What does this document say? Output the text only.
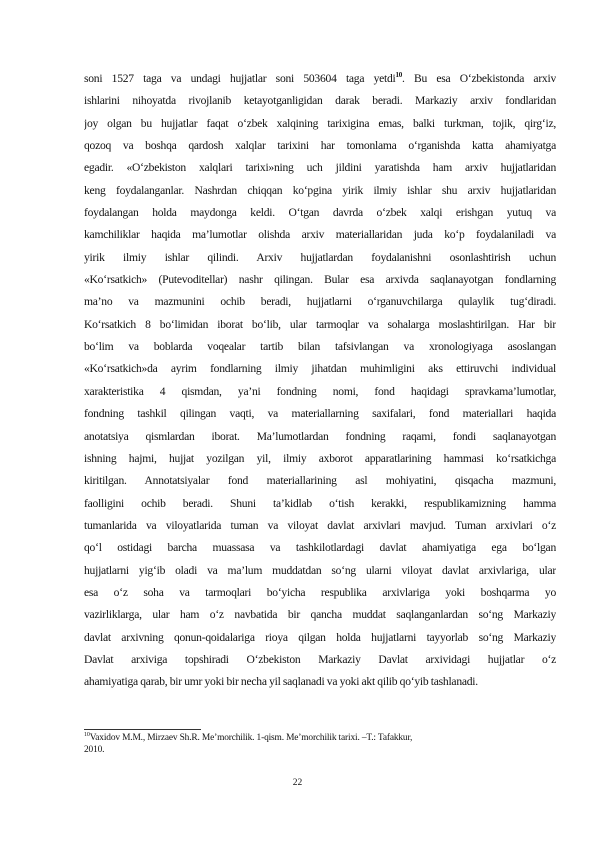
soni 1527 taga va undagi hujjatlar soni 503604 taga yetdi$^{10}$. Bu esa O‘zbekistonda arxiv
ishlarini nihoyatda rivojlanib ketayotganligidan darak beradi. Markaziy arxiv fondlaridan
joy olgan bu hujjatlar faqat o‘zbek xalqining tarixigina emas, balki turkman, tojik, qirg‘iz,
qozoq va boshqa qardosh xalqlar tarixini har tomonlama o‘rganishda katta ahamiyatga
egadir. «O‘zbekiston xalqlari tarixi»ning uch jildini yaratishda ham arxiv hujjatlaridan
keng foydalanganlar. Nashrdan chiqqan ko‘pgina yirik ilmiy ishlar shu arxiv hujjatlaridan
foydalangan holda maydonga keldi. O‘tgan davrda o‘zbek xalqi erishgan yutuq va
kamchiliklar haqida ma’lumotlar olishda arxiv materiallaridan juda ko‘p foydalaniladi va
yirik ilmiy ishlar qilindi. Arxiv hujjatlardan foydalanishni osonlashtirish uchun
«Ko‘rsatkich» (Putevoditellar) nashr qilingan. Bular esa arxivda saqlanayotgan fondlarning
ma’no va mazmunini ochib beradi, hujjatlarni o‘rganuvchilarga qulaylik tug‘diradi.
Ko‘rsatkich 8 bo‘limidan iborat bo‘lib, ular tarmoqlar va sohalarga moslashtirilgan. Har bir
bo‘lim va boblarda voqealar tartib bilan tafsivlangan va xronologiyaga asoslangan
«Ko‘rsatkich»da ayrim fondlarning ilmiy jihatdan muhimligini aks ettiruvchi individual
xarakteristika 4 qismdan, ya’ni fondning nomi, fond haqidagi spravkama’lumotlar,
fondning tashkil qilingan vaqti, va materiallarning saxifalari, fond materiallari haqida
anotatsiya qismlardan iborat. Ma’lumotlardan fondning raqami, fondi saqlanayotgan
ishning hajmi, hujjat yozilgan yil, ilmiy axborot apparatlarining hammasi ko‘rsatkichga
kiritilgan. Annotatsiyalar fond materiallarining asl mohiyatini, qisqacha mazmuni,
faolligini ochib beradi. Shuni ta’kidlab o‘tish kerakki, respublikamizning hamma
tumanlarida va viloyatlarida tuman va viloyat davlat arxivlari mavjud. Tuman arxivlari o‘z
qo‘l ostidagi barcha muassasa va tashkilotlardagi davlat ahamiyatiga ega bo‘lgan
hujjatlarni yig‘ib oladi va ma’lum muddatdan so‘ng ularni viloyat davlat arxivlariga, ular
esa o‘z soha va tarmoqlari bo‘yicha respublika arxivlariga yoki boshqarma yo
vazirliklarga, ular ham o‘z navbatida bir qancha muddat saqlanganlardan so‘ng Markaziy
davlat arxivning qonun-qoidalariga rioya qilgan holda hujjatlarni tayyorlab so‘ng Markaziy
Davlat arxiviga topshiradi O‘zbekiston Markaziy Davlat arxividagi hujjatlar o‘z
ahamiyatiga qarab, bir umr yoki bir necha yil saqlanadi va yoki akt qilib qo‘yib tashlanadi.
$^{10}$Vaxidov M.M., Mirzaev Sh.R. Me’morchilik. 1-qism. Me’morchilik tarixi. –T.: Tafakkur,
2010.
22
